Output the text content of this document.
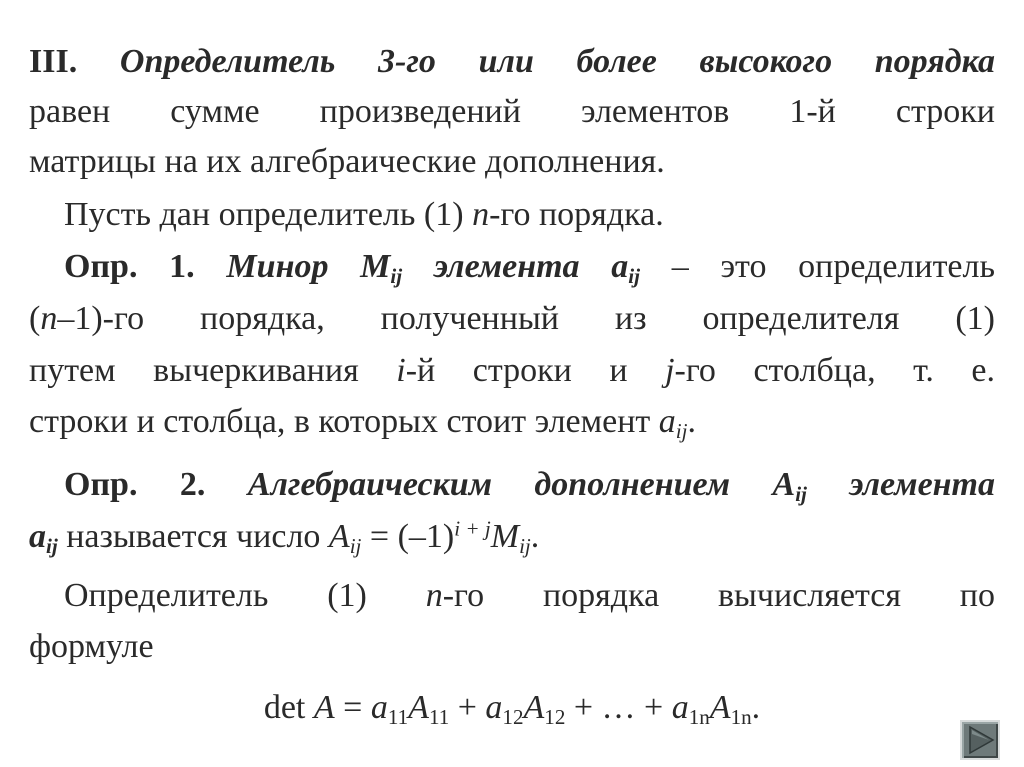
III. Определитель 3-го или более высокого порядка
равен сумме произведений элементов 1-й строки
матрицы на их алгебраические дополнения.
Пусть дан определитель (1) n-го порядка.
Опр. 1. Минор $M_{ij}$ элемента $a_{ij}$ – это определитель
(n–1)-го порядка, полученный из определителя (1)
путем вычеркивания i-й строки и j-го столбца, т. е.
строки и столбца, в которых стоит элемент $a_{ij}$.
Опр. 2. Алгебраическим дополнением $A_{ij}$ элемента
$a_{ij}$ называется число $A_{ij} = (-1)^{i + j}M_{ij}$.
Определитель (1) n-го порядка вычисляется по
формуле
$\det A = a_{11}A_{11} + a_{12}A_{12}$ + … + $a_{1n}A_{1n}$.
